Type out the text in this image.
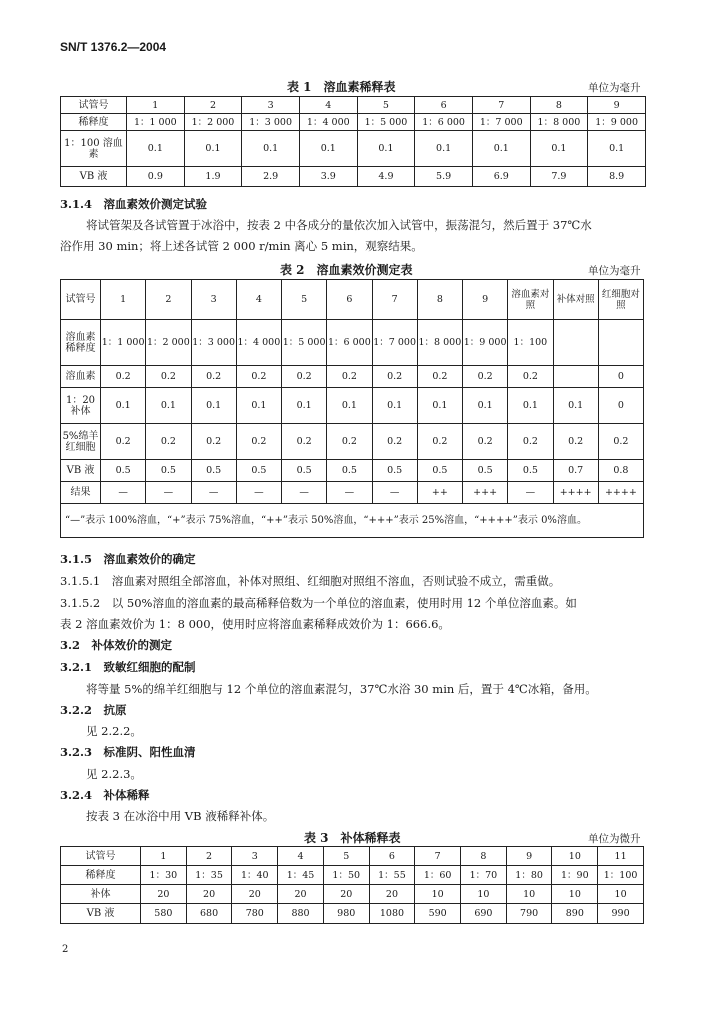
SN/T 1376.2—2004
表 1　溶血素稀释表	单位为毫升
试管号	1	2	3	4	5	6	7	8	9
稀释度	1：1 000	1：2 000	1：3 000	1：4 000	1：5 000	1：6 000	1：7 000	1：8 000	1：9 000
1：100 溶血素	0.1	0.1	0.1	0.1	0.1	0.1	0.1	0.1	0.1
VB 液	0.9	1.9	2.9	3.9	4.9	5.9	6.9	7.9	8.9
3.1.4　溶血素效价测定试验
将试管架及各试管置于冰浴中，按表 2 中各成分的量依次加入试管中，振荡混匀，然后置于 37℃水
浴作用 30 min；将上述各试管 2 000 r/min 离心 5 min，观察结果。
表 2　溶血素效价测定表	单位为毫升
试管号	1	2	3	4	5	6	7	8	9	溶血素对照	补体对照	红细胞对照
溶血素稀释度	1：1 000	1：2 000	1：3 000	1：4 000	1：5 000	1：6 000	1：7 000	1：8 000	1：9 000	1：100		
溶血素	0.2	0.2	0.2	0.2	0.2	0.2	0.2	0.2	0.2	0.2		0
1：20 补体	0.1	0.1	0.1	0.1	0.1	0.1	0.1	0.1	0.1	0.1	0.1	0
5%绵羊红细胞	0.2	0.2	0.2	0.2	0.2	0.2	0.2	0.2	0.2	0.2	0.2	0.2
VB 液	0.5	0.5	0.5	0.5	0.5	0.5	0.5	0.5	0.5	0.5	0.7	0.8
结果	—	—	—	—	—	—	—	++	+++	—	++++	++++
“—”表示 100%溶血，“+”表示 75%溶血，“++”表示 50%溶血，“+++”表示 25%溶血，“++++”表示 0%溶血。												
3.1.5　溶血素效价的确定
3.1.5.1　溶血素对照组全部溶血，补体对照组、红细胞对照组不溶血，否则试验不成立，需重做。
3.1.5.2　以 50%溶血的溶血素的最高稀释倍数为一个单位的溶血素，使用时用 12 个单位溶血素。如
表 2 溶血素效价为 1：8 000，使用时应将溶血素稀释成效价为 1：666.6。
3.2　补体效价的测定
3.2.1　致敏红细胞的配制
将等量 5%的绵羊红细胞与 12 个单位的溶血素混匀，37℃水浴 30 min 后，置于 4℃冰箱，备用。
3.2.2　抗原
见 2.2.2。
3.2.3　标准阴、阳性血清
见 2.2.3。
3.2.4　补体稀释
按表 3 在冰浴中用 VB 液稀释补体。
表 3　补体稀释表	单位为微升
试管号	1	2	3	4	5	6	7	8	9	10	11
稀释度	1：30	1：35	1：40	1：45	1：50	1：55	1：60	1：70	1：80	1：90	1：100
补体	20	20	20	20	20	20	10	10	10	10	10
VB 液	580	680	780	880	980	1080	590	690	790	890	990
2
